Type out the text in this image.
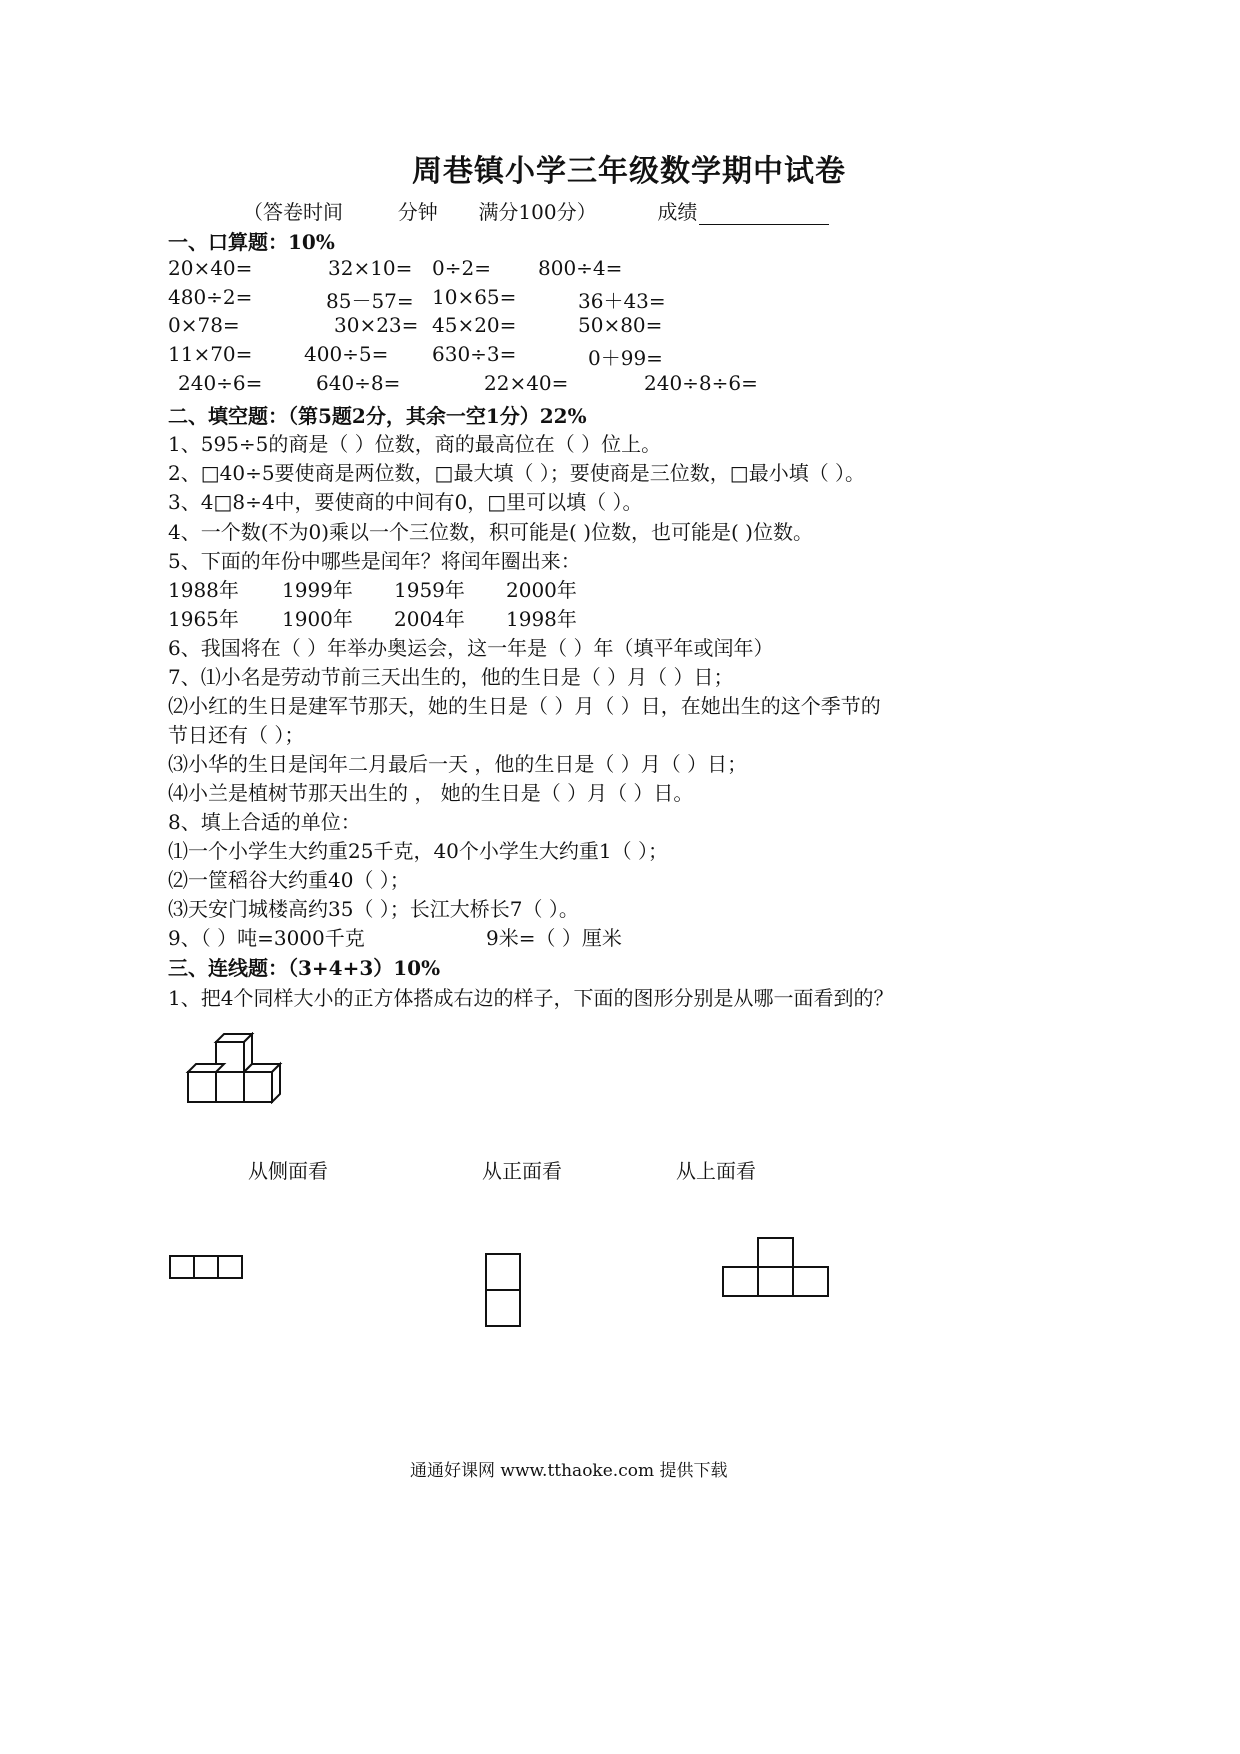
周巷镇小学三年级数学期中试卷
（答卷时间	分钟 满分100分）	成绩
一、口算题：10%
20×40=	32×10= 0÷2= 800÷4=
480÷2=	85－57= 10×65=	36＋43=
0×78=	30×23= 45×20=	50×80=
11×70=	400÷5= 630÷3=	0＋99=
240÷6=	640÷8=	22×40=	240÷8÷6=
二、填空题：（第5题2分，其余一空1分）22%
1、595÷5的商是（ ）位数，商的最高位在（ ）位上。
2、□40÷5要使商是两位数，□最大填（ ）；要使商是三位数，□最小填（ ）。
3、4□8÷4中，要使商的中间有0，□里可以填（ ）。
4、一个数(不为0)乘以一个三位数，积可能是( )位数，也可能是( )位数。
5、下面的年份中哪些是闰年？将闰年圈出来：
1988年 1999年 1959年 2000年
1965年 1900年 2004年 1998年
6、我国将在（ ）年举办奥运会，这一年是（ ）年（填平年或闰年）
7、⑴小名是劳动节前三天出生的，他的生日是（ ）月（ ）日；
⑵小红的生日是建军节那天，她的生日是（ ）月（ ）日，在她出生的这个季节的
节日还有（ ）；
⑶小华的生日是闰年二月最后一天 ，他的生日是（ ）月（ ）日；
⑷小兰是植树节那天出生的 ， 她的生日是（ ）月（ ）日。
8、填上合适的单位：
⑴一个小学生大约重25千克，40个小学生大约重1（ ）；
⑵一筐稻谷大约重40（ ）；
⑶天安门城楼高约35（ ）；长江大桥长7（ ）。
9、（ ）吨=3000千克	9米=（ ）厘米
三、连线题：（3+4+3）10%
1、把4个同样大小的正方体搭成右边的样子，下面的图形分别是从哪一面看到的？
从侧面看	从正面看	从上面看
通通好课网 www.tthaoke.com 提供下载
